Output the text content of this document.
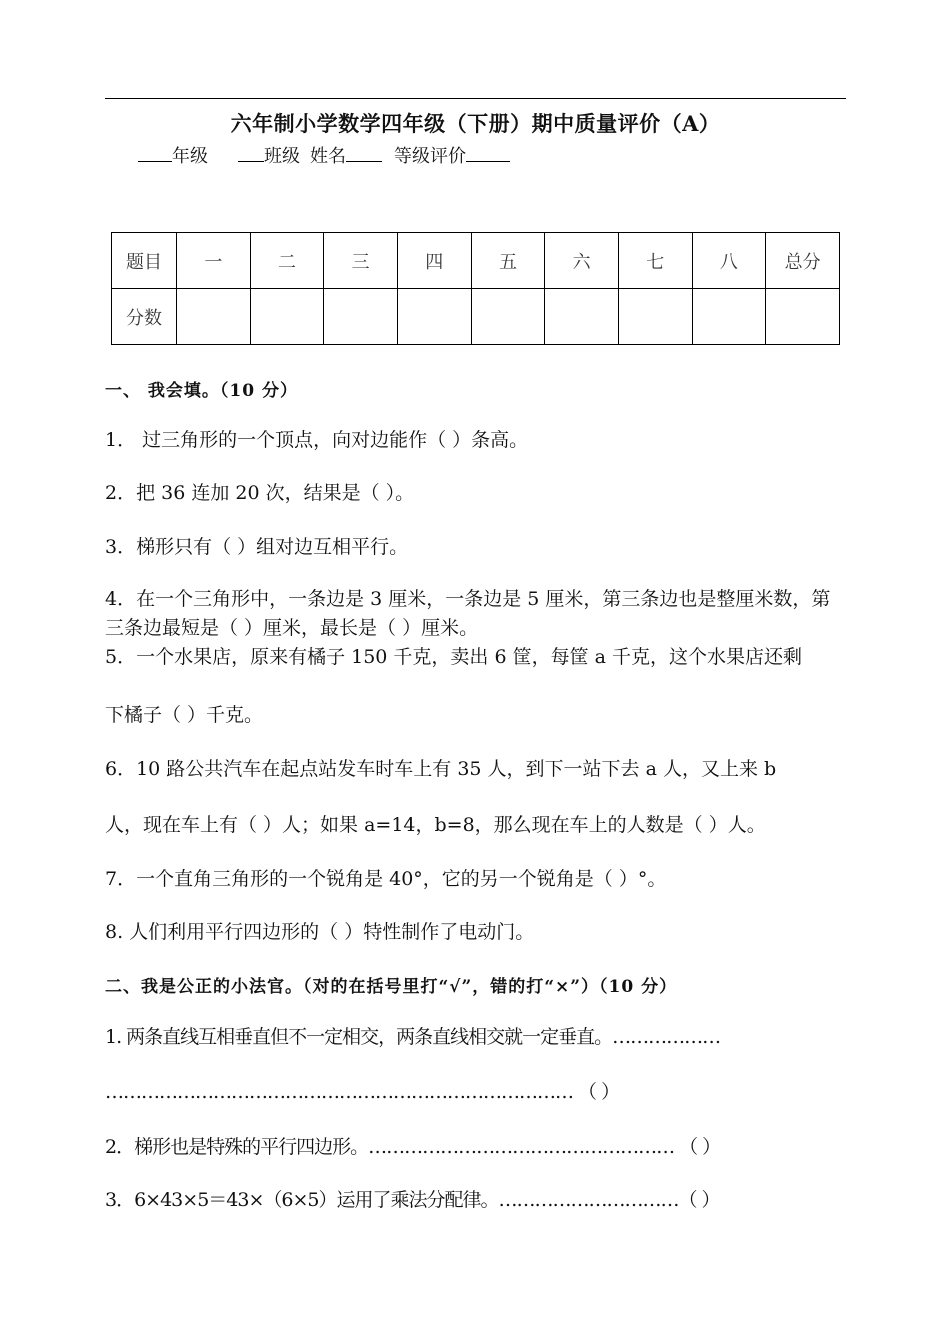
六年制小学数学四年级（下册）期中质量评价（A）
年级	班级 姓名	等级评价
题目	一	二	三	四	五	六	七	八	总分
分数									
一、 我会填。（10 分）
1． 过三角形的一个顶点，向对边能作（ ）条高。
2．把 36 连加 20 次，结果是（ ）。
3．梯形只有（ ）组对边互相平行。
4．在一个三角形中，一条边是 3 厘米，一条边是 5 厘米，第三条边也是整厘米数，第三条边最短是（ ）厘米，最长是（ ）厘米。
5．一个水果店，原来有橘子 150 千克，卖出 6 筐，每筐 a 千克，这个水果店还剩
下橘子（ ）千克。
6．10 路公共汽车在起点站发车时车上有 35 人，到下一站下去 a 人，又上来 b
人，现在车上有（ ）人；如果 a=14，b=8，那么现在车上的人数是（ ）人。
7．一个直角三角形的一个锐角是 40°，它的另一个锐角是（ ）°。
8. 人们利用平行四边形的（ ）特性制作了电动门。
二、我是公正的小法官。（对的在括号里打“√”，错的打“×”）（10 分）
1. 两条直线互相垂直但不一定相交，两条直线相交就一定垂直。………………
…………………………………………………………………… （ ）
2．梯形也是特殊的平行四边形。…………………………………………… （ ）
3．6×43×5＝43×（6×5）运用了乘法分配律。…………………………（ ）
